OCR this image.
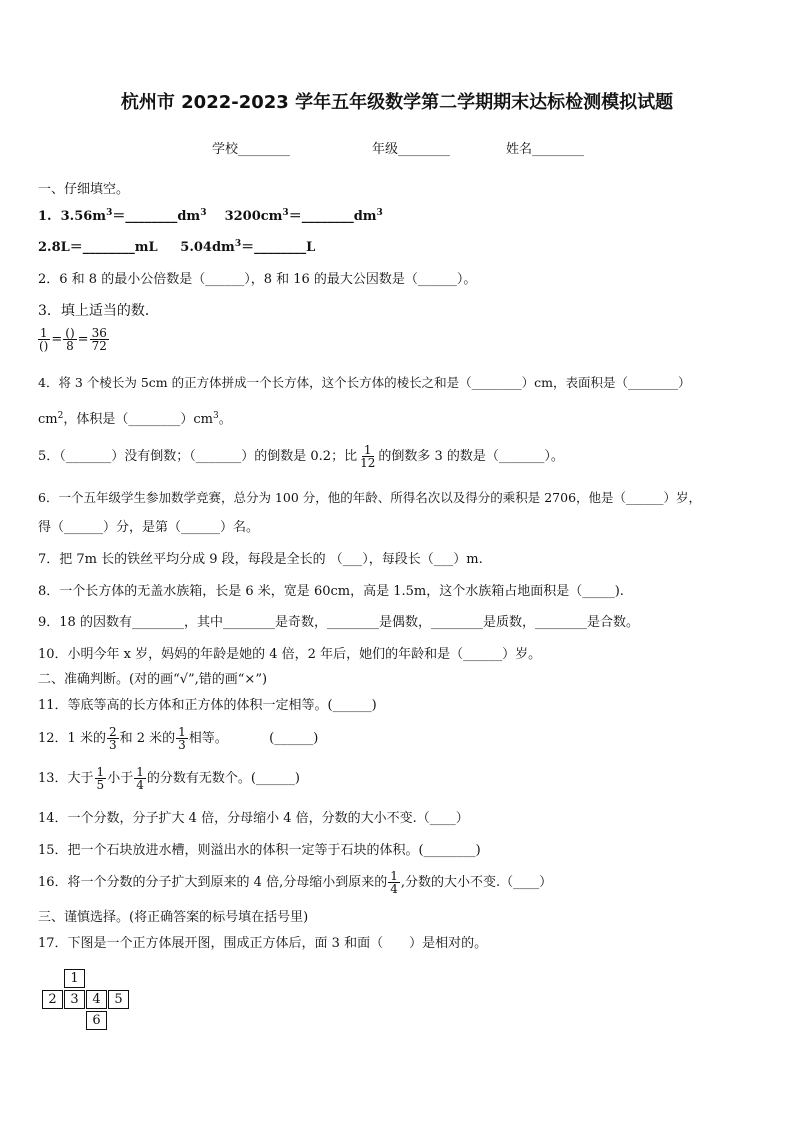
杭州市 2022-2023 学年五年级数学第二学期期末达标检测模拟试题
学校________	年级________	姓名________
一、仔细填空。
1. $3.56m^3=\_\_\_\_\_\_\_\_dm^3$ $3200cm^3=\_\_\_\_\_\_\_\_dm^3$
2.8L＝________mL $5.04dm^3=\_\_\_\_\_\_\_\_L$
2．6 和 8 的最小公倍数是（______），8 和 16 的最大公因数是（______）。
3．填上适当的数．
$\frac{1}{()} = \frac{()}{8} = \frac{36}{72}$
4．将 3 个棱长为 5cm 的正方体拼成一个长方体，这个长方体的棱长之和是（________）cm，表面积是（________）
$cm^2$，体积是$(\_\_\_\_\_\_\_\_)cm^3$。
5．（_______）没有倒数；（_______）的倒数是 0.2；比 $\frac{1}{12}$ 的倒数多 3 的数是（_______）。
6．一个五年级学生参加数学竞赛，总分为 100 分，他的年龄、所得名次以及得分的乘积是 2706，他是（______）岁，
得（______）分，是第（______）名。
7．把 7m 长的铁丝平均分成 9 段，每段是全长的 （___），每段长（___）m.
8．一个长方体的无盖水族箱，长是 6 米，宽是 60cm，高是 1.5m，这个水族箱占地面积是（_____).
9．18 的因数有________，其中________是奇数，________是偶数，________是质数，________是合数。
10．小明今年 x 岁，妈妈的年龄是她的 4 倍，2 年后，她们的年龄和是（______）岁。
二、准确判断。(对的画“√”,错的画“×”)
11．等底等高的长方体和正方体的体积一定相等。(______)
12．1 米的 $\frac{2}{3}$ 和 2 米的 $\frac{1}{3}$ 相等。	(______)
13．大于 $\frac{1}{5}$ 小于 $\frac{1}{4}$ 的分数有无数个。(______)
14．一个分数，分子扩大 4 倍，分母缩小 4 倍，分数的大小不变.（____）
15．把一个石块放进水槽，则溢出水的体积一定等于石块的体积。(________)
16．将一个分数的分子扩大到原来的 4 倍,分母缩小到原来的 $\frac{1}{4}$ ,分数的大小不变.（____）
三、谨慎选择。(将正确答案的标号填在括号里)
17．下图是一个正方体展开图，围成正方体后，面 3 和面（　　）是相对的。
1
2	3	4	5
6
